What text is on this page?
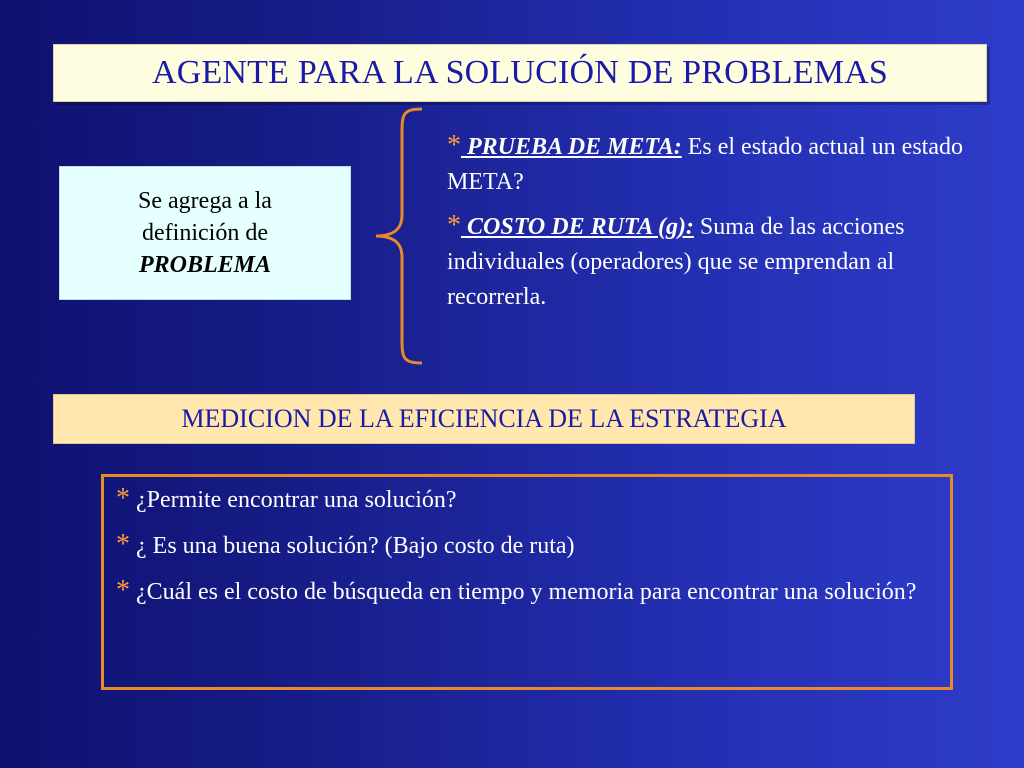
AGENTE PARA LA SOLUCIÓN DE PROBLEMAS
Se agrega a la
definición de
PROBLEMA

* PRUEBA DE META: Es el estado actual un estado META?

* COSTO DE RUTA (g): Suma de las acciones individuales (operadores) que se emprendan al recorrerla.

MEDICION DE LA EFICIENCIA DE LA ESTRATEGIA

* ¿Permite encontrar una solución?

* ¿ Es una buena solución? (Bajo costo de ruta)

* ¿Cuál es el costo de búsqueda en tiempo y memoria para encontrar una solución?
